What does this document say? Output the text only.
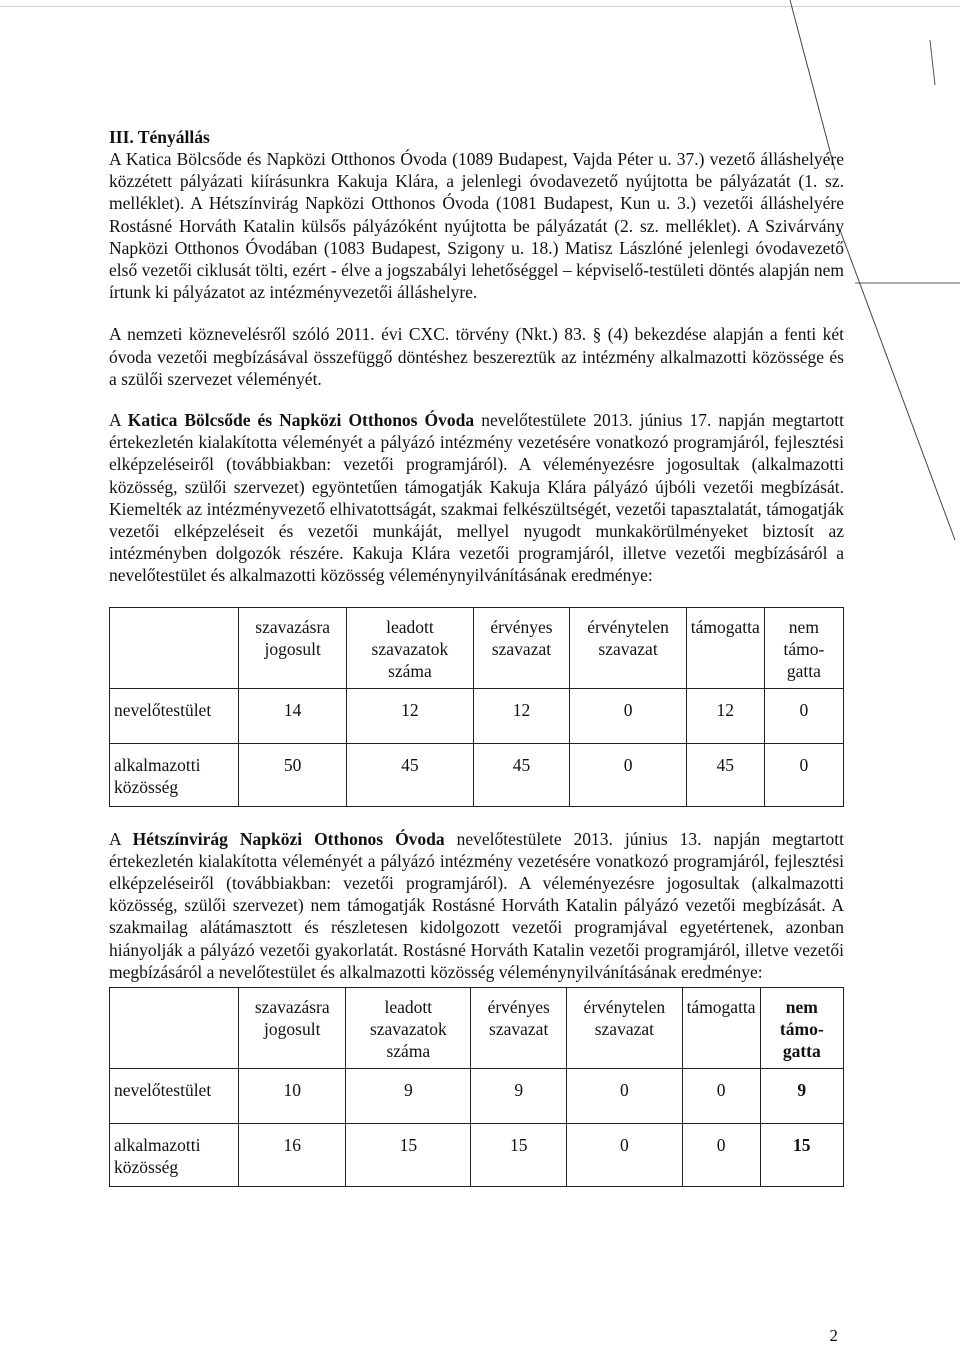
III. Tényállás

A Katica Bölcsőde és Napközi Otthonos Óvoda (1089 Budapest, Vajda Péter u. 37.) vezető álláshelyére közzétett pályázati kiírásunkra Kakuja Klára, a jelenlegi óvodavezető nyújtotta be pályázatát (1. sz. melléklet). A Hétszínvirág Napközi Otthonos Óvoda (1081 Budapest, Kun u. 3.) vezetői álláshelyére Rostásné Horváth Katalin külsős pályázóként nyújtotta be pályázatát (2. sz. melléklet). A Szivárvány Napközi Otthonos Óvodában (1083 Budapest, Szigony u. 18.) Matisz Lászlóné jelenlegi óvodavezető első vezetői ciklusát tölti, ezért - élve a jogszabályi lehetőséggel – képviselő-testületi döntés alapján nem írtunk ki pályázatot az intézményvezetői álláshelyre.

A nemzeti köznevelésről szóló 2011. évi CXC. törvény (Nkt.) 83. § (4) bekezdése alapján a fenti két óvoda vezetői megbízásával összefüggő döntéshez beszereztük az intézmény alkalmazotti közössége és a szülői szervezet véleményét.

A Katica Bölcsőde és Napközi Otthonos Óvoda nevelőtestülete 2013. június 17. napján megtartott értekezletén kialakította véleményét a pályázó intézmény vezetésére vonatkozó programjáról, fejlesztési elképzeléseiről (továbbiakban: vezetői programjáról). A véleményezésre jogosultak (alkalmazotti közösség, szülői szervezet) egyöntetűen támogatják Kakuja Klára pályázó újbóli vezetői megbízását. Kiemelték az intézményvezető elhivatottságát, szakmai felkészültségét, vezetői tapasztalatát, támogatják vezetői elképzeléseit és vezetői munkáját, mellyel nyugodt munkakörülményeket biztosít az intézményben dolgozók részére. Kakuja Klára vezetői programjáról, illetve vezetői megbízásáról a nevelőtestület és alkalmazotti közösség véleménynyilvánításának eredménye:

	szavazásra jogosult	leadott szavazatok száma	érvényes szavazat	érvénytelen szavazat	támogatta	nem támo- gatta
nevelőtestület	14	12	12	0	12	0
alkalmazotti közösség	50	45	45	0	45	0

A Hétszínvirág Napközi Otthonos Óvoda nevelőtestülete 2013. június 13. napján megtartott értekezletén kialakította véleményét a pályázó intézmény vezetésére vonatkozó programjáról, fejlesztési elképzeléseiről (továbbiakban: vezetői programjáról). A véleményezésre jogosultak (alkalmazotti közösség, szülői szervezet) nem támogatják Rostásné Horváth Katalin pályázó vezetői megbízását. A szakmailag alátámasztott és részletesen kidolgozott vezetői programjával egyetértenek, azonban hiányolják a pályázó vezetői gyakorlatát. Rostásné Horváth Katalin vezetői programjáról, illetve vezetői megbízásáról a nevelőtestület és alkalmazotti közösség véleménynyilvánításának eredménye:

	szavazásra jogosult	leadott szavazatok száma	érvényes szavazat	érvénytelen szavazat	támogatta	nem támo- gatta
nevelőtestület	10	9	9	0	0	9
alkalmazotti közösség	16	15	15	0	0	15
2
